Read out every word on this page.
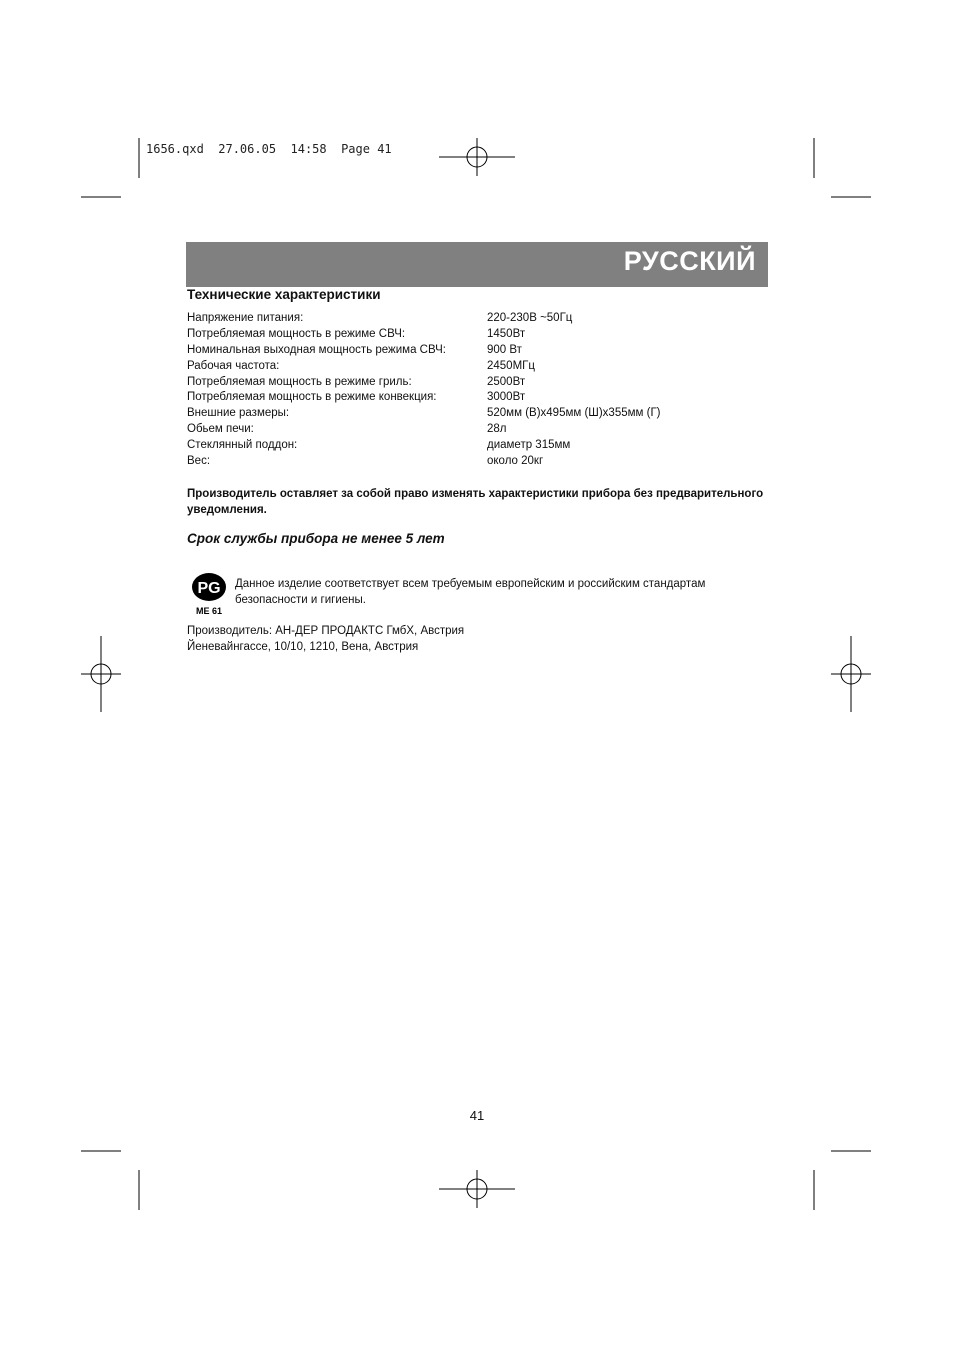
1656.qxd  27.06.05  14:58  Page 41
РУССКИЙ
Технические характеристики
Напряжение питания:	220-230В ~50Гц
Потребляемая мощность в режиме СВЧ:	1450Вт
Номинальная выходная мощность режима СВЧ:	900 Вт
Рабочая частота:	2450МГц
Потребляемая мощность в режиме гриль:	2500Вт
Потребляемая мощность в режиме конвекция:	3000Вт
Внешние размеры:	520мм (В)х495мм (Ш)х355мм (Г)
Обьем печи:	28л
Стеклянный поддон:	диаметр 315мм
Вес:	около 20кг
Производитель оставляет за собой право изменять характеристики прибора без предварительного уведомления.
Срок службы прибора не менее 5 лет
PG
МЕ 61
Данное изделие соответствует всем требуемым европейским и российским стандартам
безопасности и гигиены.
Производитель: АН-ДЕР ПРОДАКТС ГмбХ, Австрия
Йеневайнгассе, 10/10, 1210, Вена, Австрия
41
